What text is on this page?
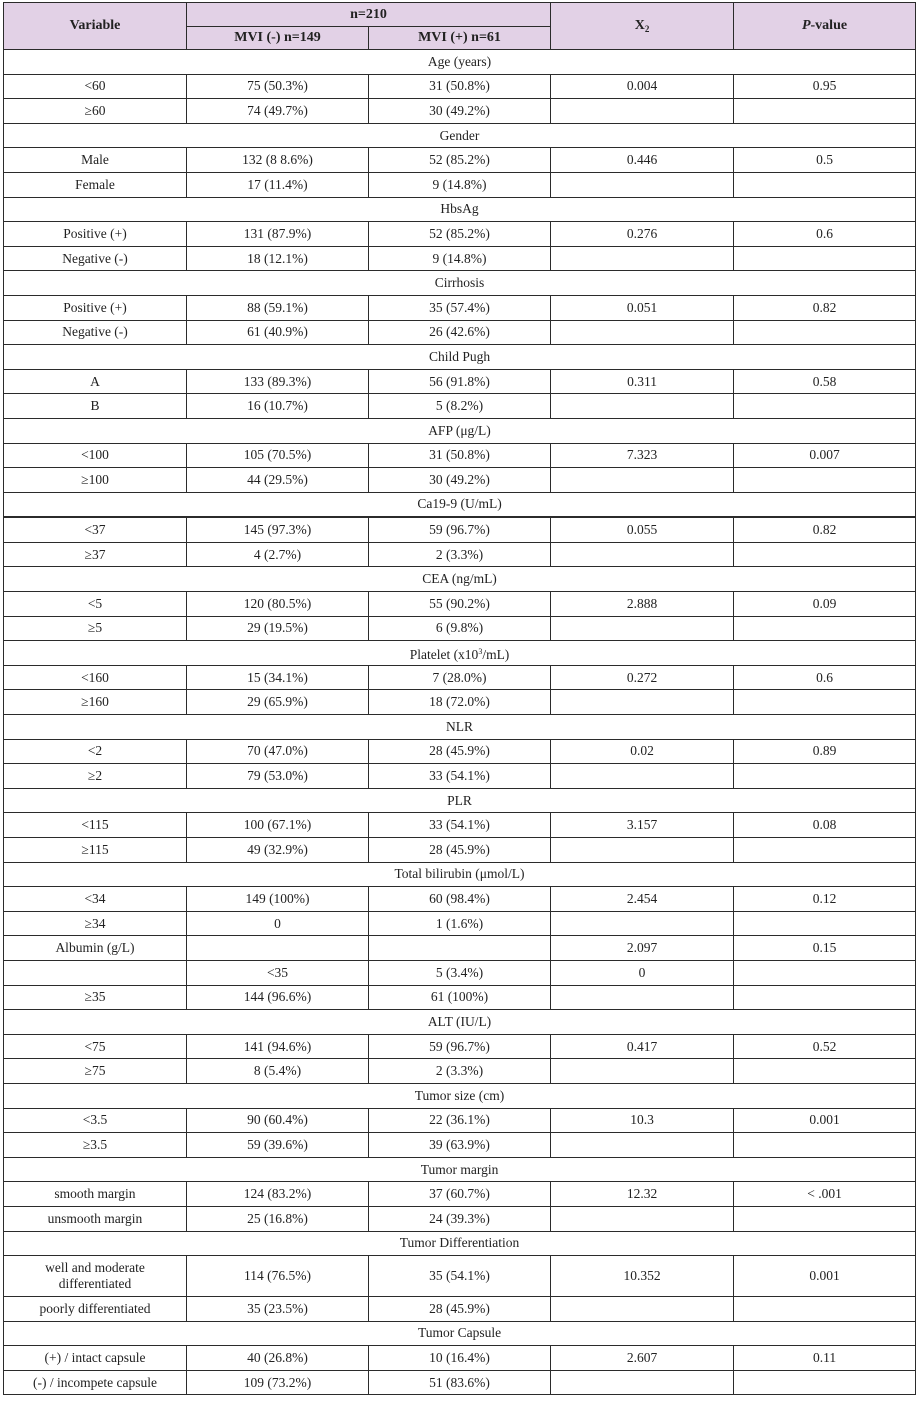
Variable	n=210		$X_2$	P-value
	MVI (-) n=149	MVI (+) n=61		
Age (years)				
<60	75 (50.3%)	31 (50.8%)	0.004	0.95
≥60	74 (49.7%)	30 (49.2%)		
Gender				
Male	132 (8 8.6%)	52 (85.2%)	0.446	0.5
Female	17 (11.4%)	9 (14.8%)		
HbsAg				
Positive (+)	131 (87.9%)	52 (85.2%)	0.276	0.6
Negative (-)	18 (12.1%)	9 (14.8%)		
Cirrhosis				
Positive (+)	88 (59.1%)	35 (57.4%)	0.051	0.82
Negative (-)	61 (40.9%)	26 (42.6%)		
Child Pugh				
A	133 (89.3%)	56 (91.8%)	0.311	0.58
B	16 (10.7%)	5 (8.2%)		
AFP (μg/L)				
<100	105 (70.5%)	31 (50.8%)	7.323	0.007
≥100	44 (29.5%)	30 (49.2%)		
Ca19-9 (U/mL)				
<37	145 (97.3%)	59 (96.7%)	0.055	0.82
≥37	4 (2.7%)	2 (3.3%)		
CEA (ng/mL)				
<5	120 (80.5%)	55 (90.2%)	2.888	0.09
≥5	29 (19.5%)	6 (9.8%)		
Platelet $(x10^3/mL)$				
<160	15 (34.1%)	7 (28.0%)	0.272	0.6
≥160	29 (65.9%)	18 (72.0%)		
NLR				
<2	70 (47.0%)	28 (45.9%)	0.02	0.89
≥2	79 (53.0%)	33 (54.1%)		
PLR				
<115	100 (67.1%)	33 (54.1%)	3.157	0.08
≥115	49 (32.9%)	28 (45.9%)		
Total bilirubin (μmol/L)				
<34	149 (100%)	60 (98.4%)	2.454	0.12
≥34	0	1 (1.6%)		
Albumin (g/L)			2.097	0.15
	<35	5 (3.4%)	0	
≥35	144 (96.6%)	61 (100%)		
ALT (IU/L)				
<75	141 (94.6%)	59 (96.7%)	0.417	0.52
≥75	8 (5.4%)	2 (3.3%)		
Tumor size (cm)				
<3.5	90 (60.4%)	22 (36.1%)	10.3	0.001
≥3.5	59 (39.6%)	39 (63.9%)		
Tumor margin				
smooth margin	124 (83.2%)	37 (60.7%)	12.32	< .001
unsmooth margin	25 (16.8%)	24 (39.3%)		
Tumor Differentiation				
well and moderate differentiated	114 (76.5%)	35 (54.1%)	10.352	0.001
poorly differentiated	35 (23.5%)	28 (45.9%)		
Tumor Capsule				
(+) / intact capsule	40 (26.8%)	10 (16.4%)	2.607	0.11
(-) / incompete capsule	109 (73.2%)	51 (83.6%)		
